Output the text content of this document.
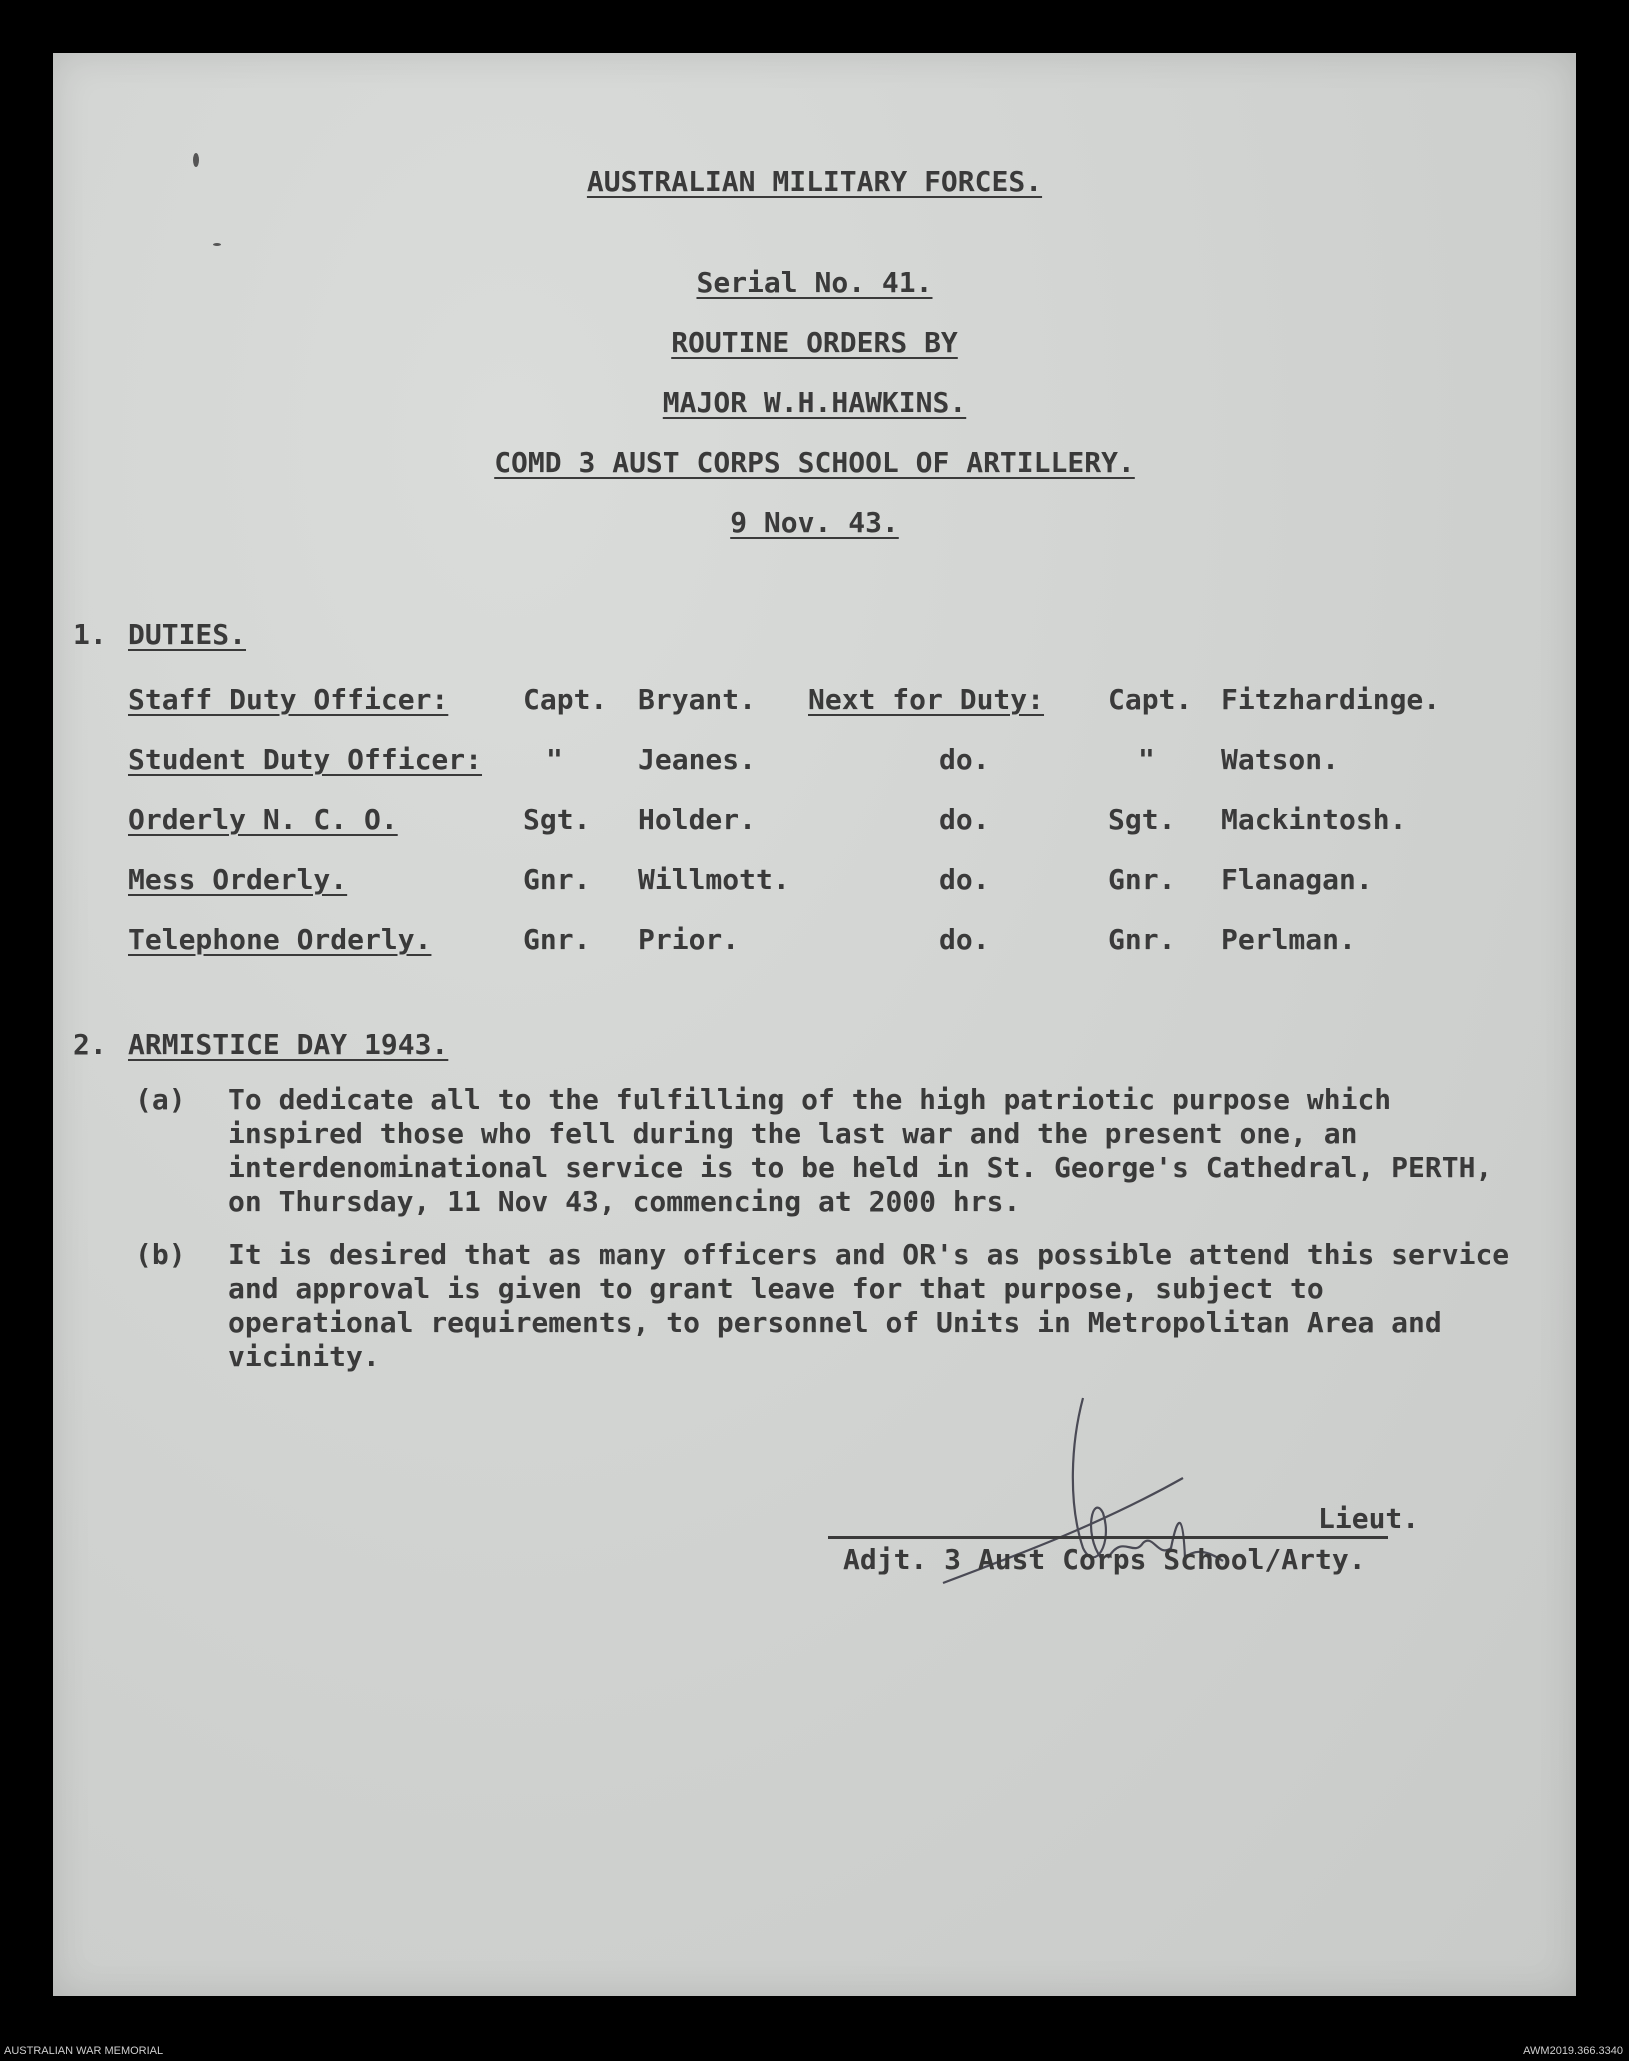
AUSTRALIAN MILITARY FORCES.
Serial No. 41.
ROUTINE ORDERS BY
MAJOR W.H.HAWKINS.
COMD 3 AUST CORPS SCHOOL OF ARTILLERY.
9 Nov. 43.
1. DUTIES.
Staff Duty Officer:	Capt. Bryant. Next for Duty: Capt. Fitzhardinge.
Student Duty Officer: "	Jeanes.	do.	" Watson.
Orderly N. C. O.	Sgt. Holder.	do.	Sgt. Mackintosh.
Mess Orderly.	Gnr. Willmott.	do.	Gnr. Flanagan.
Telephone Orderly.	Gnr. Prior.	do.	Gnr. Perlman.
2. ARMISTICE DAY 1943.
(a) To dedicate all to the fulfilling of the high patriotic purpose which inspired those who fell during the last war and the present one, an interdenominational service is to be held in St. George's Cathedral, PERTH, on Thursday, 11 Nov 43, commencing at 2000 hrs.
(b) It is desired that as many officers and OR's as possible attend this service and approval is given to grant leave for that purpose, subject to operational requirements, to personnel of Units in Metropolitan Area and vicinity.
Lieut.
Adjt. 3 Aust Corps School/Arty.
AUSTRALIAN WAR MEMORIAL	AWM2019.366.3340
